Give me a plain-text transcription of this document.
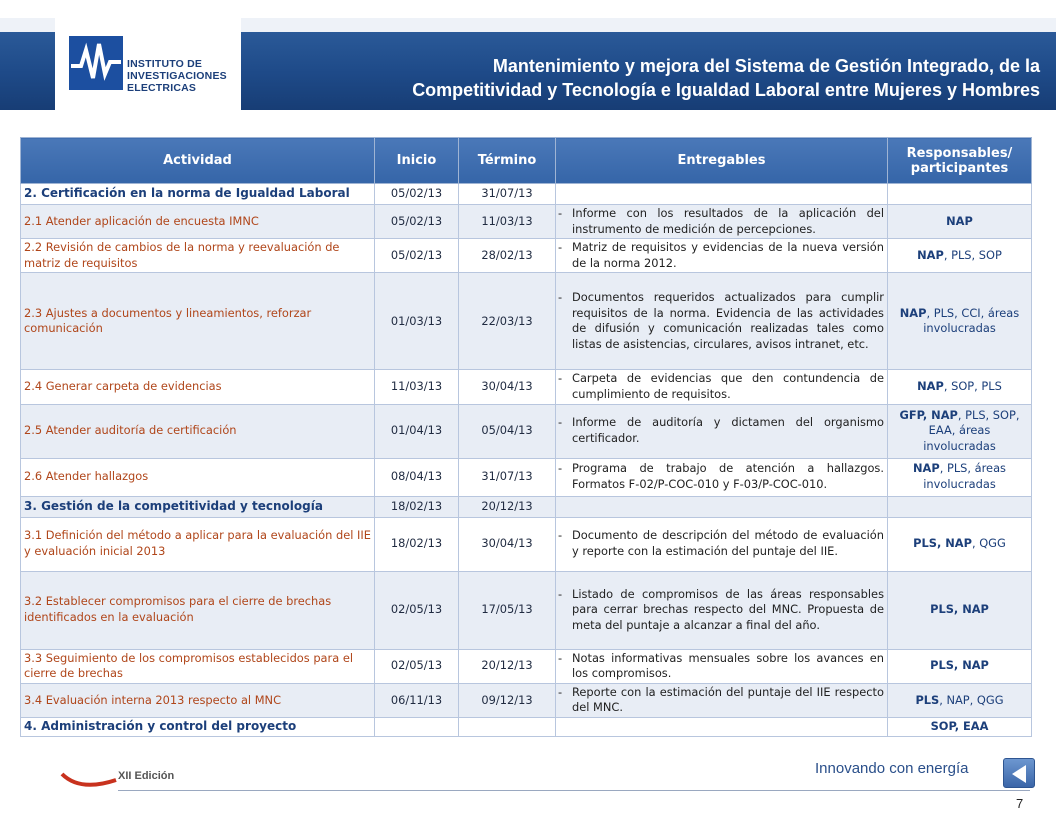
INSTITUTO DE
INVESTIGACIONES
ELECTRICAS
Mantenimiento y mejora del Sistema de Gestión Integrado, de la
Competitividad y Tecnología e Igualdad Laboral entre Mujeres y Hombres
Actividad	Inicio	Término	Entregables	Responsables/ participantes
2. Certificación en la norma de Igualdad Laboral	05/02/13	31/07/13		
2.1 Atender aplicación de encuesta IMNC	05/02/13	11/03/13	- Informe con los resultados de la aplicación del instrumento de medición de percepciones.	NAP
2.2 Revisión de cambios de la norma y reevaluación de matriz de requisitos	05/02/13	28/02/13	- Matriz de requisitos y evidencias de la nueva versión de la norma 2012.	NAP, PLS, SOP
2.3 Ajustes a documentos y lineamientos, reforzar comunicación	01/03/13	22/03/13	- Documentos requeridos actualizados para cumplir requisitos de la norma. Evidencia de las actividades de difusión y comunicación realizadas tales como listas de asistencias, circulares, avisos intranet, etc.	NAP, PLS, CCI, áreas involucradas
2.4 Generar carpeta de evidencias	11/03/13	30/04/13	- Carpeta de evidencias que den contundencia de cumplimiento de requisitos.	NAP, SOP, PLS
2.5 Atender auditoría de certificación	01/04/13	05/04/13	- Informe de auditoría y dictamen del organismo certificador.	GFP, NAP, PLS, SOP, EAA, áreas involucradas
2.6 Atender hallazgos	08/04/13	31/07/13	- Programa de trabajo de atención a hallazgos. Formatos F-02/P-COC-010 y F-03/P-COC-010.	NAP, PLS, áreas involucradas
3. Gestión de la competitividad y tecnología	18/02/13	20/12/13		
3.1 Definición del método a aplicar para la evaluación del IIE y evaluación inicial 2013	18/02/13	30/04/13	- Documento de descripción del método de evaluación y reporte con la estimación del puntaje del IIE.	PLS, NAP, QGG
3.2 Establecer compromisos para el cierre de brechas identificados en la evaluación	02/05/13	17/05/13	- Listado de compromisos de las áreas responsables para cerrar brechas respecto del MNC. Propuesta de meta del puntaje a alcanzar a final del año.	PLS, NAP
3.3 Seguimiento de los compromisos establecidos para el cierre de brechas	02/05/13	20/12/13	- Notas informativas mensuales sobre los avances en los compromisos.	PLS, NAP
3.4 Evaluación interna 2013 respecto al MNC	06/11/13	09/12/13	- Reporte con la estimación del puntaje del IIE respecto del MNC.	PLS, NAP, QGG
4. Administración y control del proyecto				SOP, EAA
XII Edición	Innovando con energía
7
